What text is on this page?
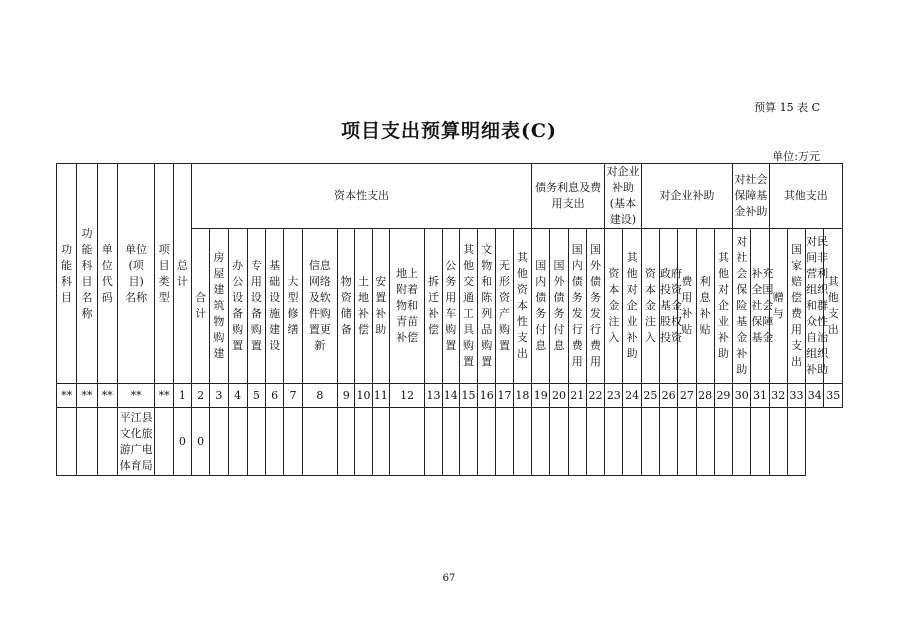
预算 15 表 C
项目支出预算明细表(C)
单位:万元
功能科目	功能科目名称	单位代码	单位(项目)名称	项目类型	总计	资本性支出																	债务利息及费用支出				对企业补助(基本建设)		对企业补助					对社会保障基金补助		其他支出			
						合计	房屋建筑物购建	办公设备购置	专用设备购置	基础设施建设	大型修缮	信息网络及软件购置更新	物资储备	土地补偿	安置补助	地上附着物和青苗补偿	拆迁补偿	公务用车购置	其他交通工具购置	文物和陈列品购置	无形资产购置	其他资本性支出	国内债务付息	国外债务付息	国内债务发行费用	国外债务发行费用	资本金注入	其他对企业补助	资本金注入	政府投资基金股权投资	费用补贴	利息补贴	其他对企业补助	对社会保险基金补助	补充全国社会保障基金	赠与	国家赔偿费用支出	对民间非营利组织和群众性自治组织补助	其他支出
**	**	**	**	**	1	2	3	4	5	6	7	8	9	10	11	12	13	14	15	16	17	18	19	20	21	22	23	24	25	26	27	28	29	30	31	32	33	34	35
			平江县文化旅游广电体育局		0	0																																	
67
